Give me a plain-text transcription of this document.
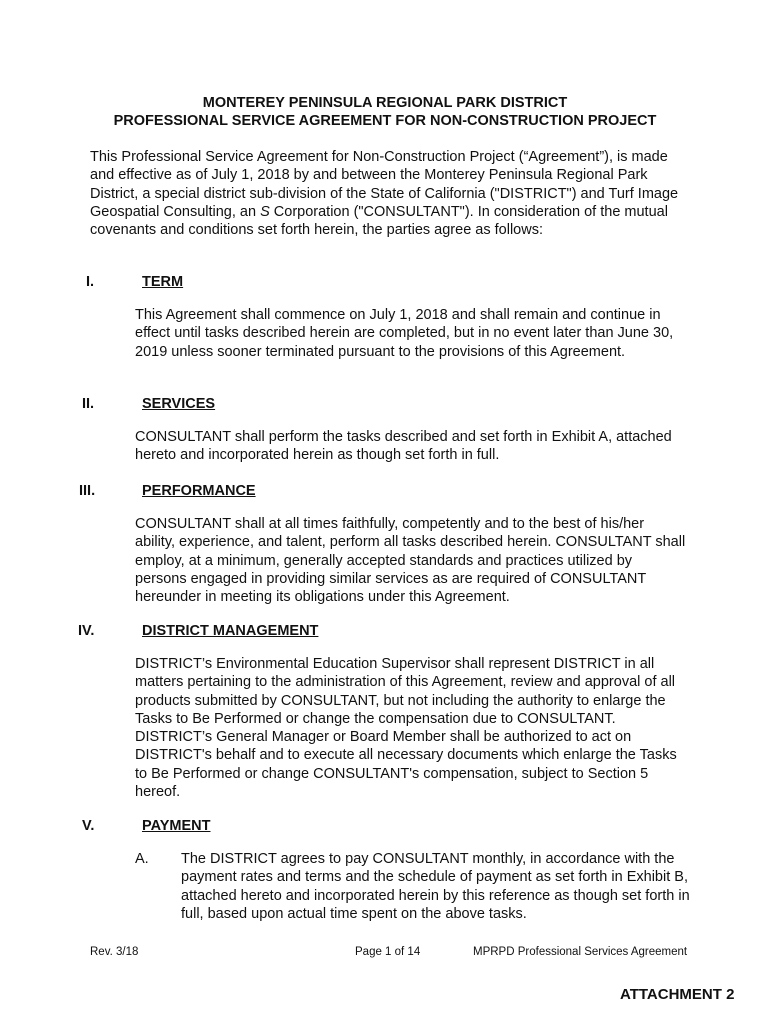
MONTEREY PENINSULA REGIONAL PARK DISTRICT
PROFESSIONAL SERVICE AGREEMENT FOR NON-CONSTRUCTION PROJECT
This Professional Service Agreement for Non-Construction Project (“Agreement”), is made and effective as of July 1, 2018 by and between the Monterey Peninsula Regional Park District, a special district sub-division of the State of California ("DISTRICT") and Turf Image Geospatial Consulting, an S Corporation ("CONSULTANT"). In consideration of the mutual covenants and conditions set forth herein, the parties agree as follows:
I.	TERM
This Agreement shall commence on July 1, 2018 and shall remain and continue in effect until tasks described herein are completed, but in no event later than June 30, 2019 unless sooner terminated pursuant to the provisions of this Agreement.
II.	SERVICES
CONSULTANT shall perform the tasks described and set forth in Exhibit A, attached hereto and incorporated herein as though set forth in full.
III.	PERFORMANCE
CONSULTANT shall at all times faithfully, competently and to the best of his/her ability, experience, and talent, perform all tasks described herein. CONSULTANT shall employ, at a minimum, generally accepted standards and practices utilized by persons engaged in providing similar services as are required of CONSULTANT hereunder in meeting its obligations under this Agreement.
IV.	DISTRICT MANAGEMENT
DISTRICT’s Environmental Education Supervisor shall represent DISTRICT in all matters pertaining to the administration of this Agreement, review and approval of all products submitted by CONSULTANT, but not including the authority to enlarge the Tasks to Be Performed or change the compensation due to CONSULTANT. DISTRICT’s General Manager or Board Member shall be authorized to act on DISTRICT's behalf and to execute all necessary documents which enlarge the Tasks to Be Performed or change CONSULTANT's compensation, subject to Section 5 hereof.
V.	PAYMENT
A. The DISTRICT agrees to pay CONSULTANT monthly, in accordance with the payment rates and terms and the schedule of payment as set forth in Exhibit B, attached hereto and incorporated herein by this reference as though set forth in full, based upon actual time spent on the above tasks.
Rev. 3/18	Page 1 of 14	MPRPD Professional Services Agreement
ATTACHMENT 2
